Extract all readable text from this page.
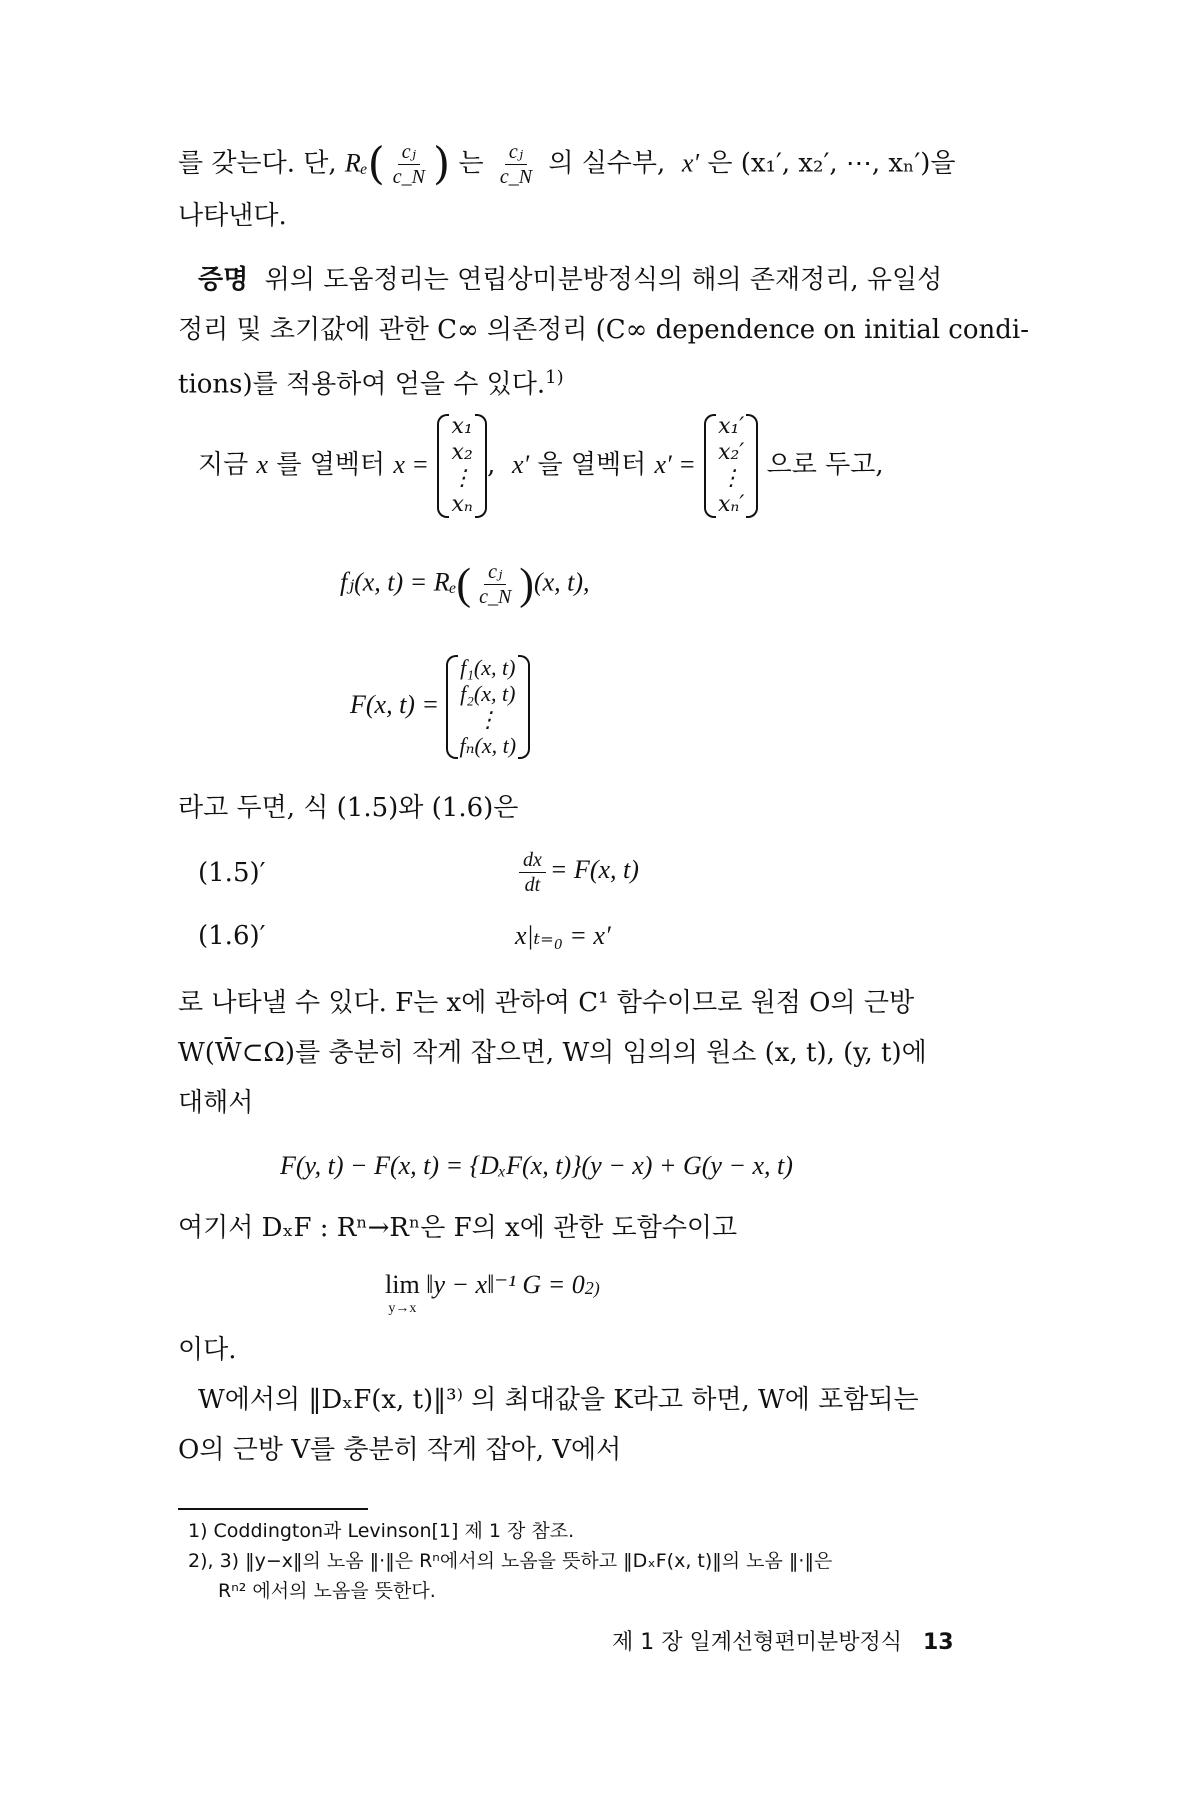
를 갖는다. 단, $R_e( \frac{\text{cⱼ}}{c\_N}$ ) 는 $\frac{\text{cⱼ}}{c\_N}$ 의 실수부, x′ 은 (x₁′, x₂′, ⋯, xₙ′)을
나타낸다.
증명 위의 도움정리는 연립상미분방정식의 해의 존재정리, 유일성
정리 및 초기값에 관한 C∞ 의존정리 (C∞ dependence on initial condi-
tions)를 적용하여 얻을 수 있다.$^{1)}$
지금 x 를 열벡터 x =
x₁
x₂
⋮
xₙ
, x′ 을 열벡터 x′ =
x₁′
x₂′
⋮
xₙ′
으로 두고,
fⱼ(x, $t) = R_e( \frac{\text{cⱼ}}{c\_N} )(x$, t),
F(x, t) =
f₁(x, t)
f₂(x, t)
⋮
fₙ(x, t)
라고 두면, 식 (1.5)와 (1.6)은
(1.5)′	$\frac{dx}{dt} = F(x$, t)
(1.6)′	x|ₜ₌₀ = x′
로 나타낼 수 있다. F는 x에 관하여 C¹ 함수이므로 원점 O의 근방
W(W̄⊂Ω)를 충분히 작게 잡으면, W의 임의의 원소 (x, t), (y, t)에
대해서
F(y, t) − F(x, t) = {DₓF(x, t)}(y − x) + G(y − x, t)
여기서 DₓF : Rⁿ→Rⁿ은 F의 x에 관한 도함수이고
lim
y→x
‖y − x‖⁻¹ $G = 0^{2)}$
이다.
W에서의 ‖DₓF(x, t)‖³⁾ 의 최대값을 K라고 하면, W에 포함되는
O의 근방 V를 충분히 작게 잡아, V에서
1) Coddington과 Levinson[1] 제 1 장 참조.
2), 3) ‖y−x‖의 노옴 ‖·‖은 Rⁿ에서의 노옴을 뜻하고 ‖DₓF(x, t)‖의 노옴 ‖·‖은
Rⁿ² 에서의 노옴을 뜻한다.
제 1 장 일계선형편미분방정식 13
